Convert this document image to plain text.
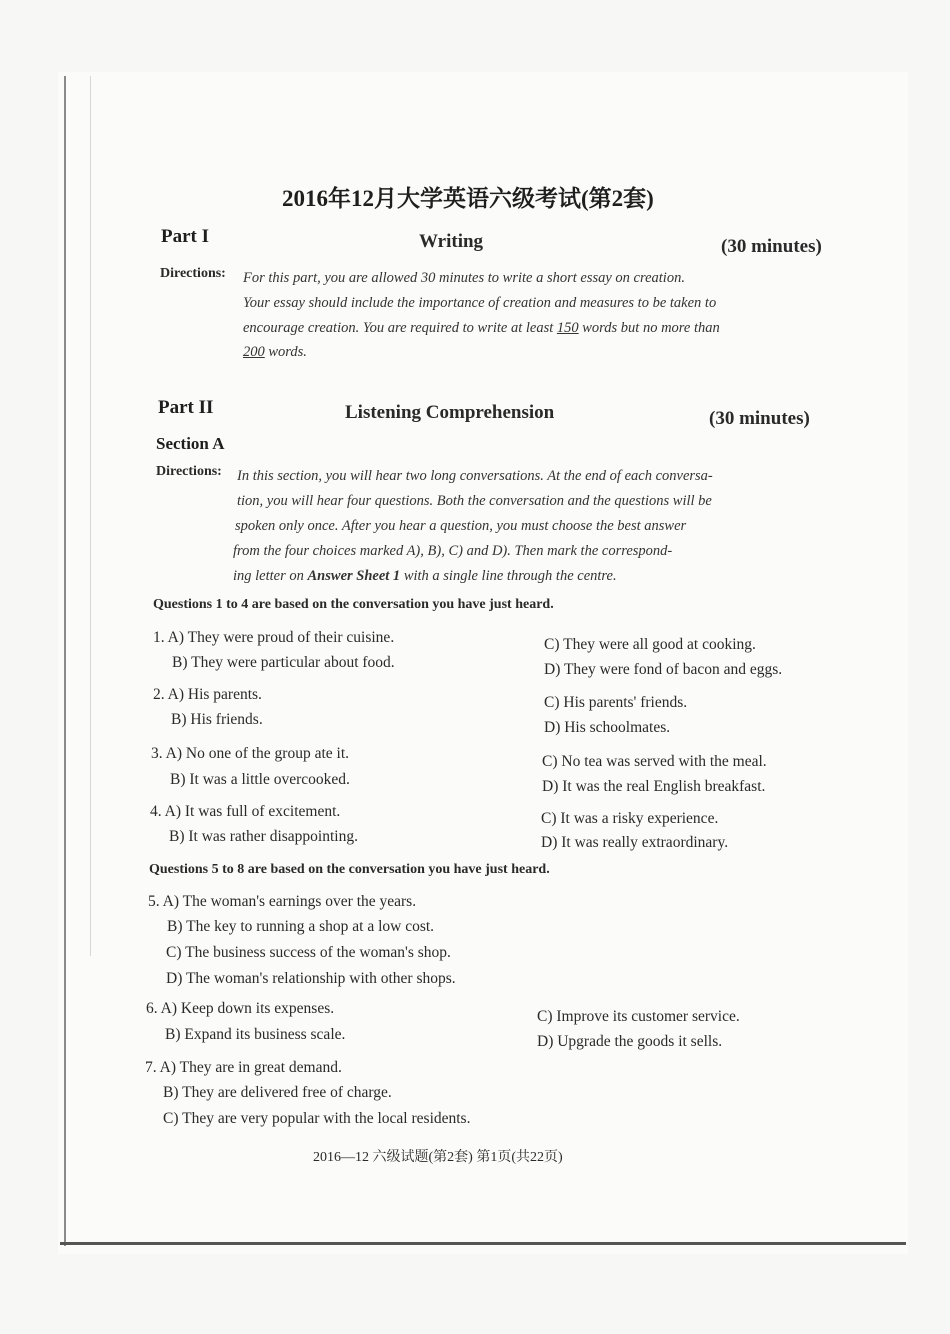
2016年12月大学英语六级考试(第2套)
Part I	Writing	(30 minutes)
Directions: For this part, you are allowed 30 minutes to write a short essay on creation.
Your essay should include the importance of creation and measures to be taken to
encourage creation. You are required to write at least 150 words but no more than
200 words.
Part II	Listening Comprehension	(30 minutes)
Section A
Directions: In this section, you will hear two long conversations. At the end of each conversa-
tion, you will hear four questions. Both the conversation and the questions will be
spoken only once. After you hear a question, you must choose the best answer
from the four choices marked A), B), C) and D). Then mark the correspond-
ing letter on Answer Sheet 1 with a single line through the centre.
Questions 1 to 4 are based on the conversation you have just heard.
1. A) They were proud of their cuisine.
B) They were particular about food.
C) They were all good at cooking.
D) They were fond of bacon and eggs.
2. A) His parents.
B) His friends.
C) His parents' friends.
D) His schoolmates.
3. A) No one of the group ate it.
B) It was a little overcooked.
C) No tea was served with the meal.
D) It was the real English breakfast.
4. A) It was full of excitement.
B) It was rather disappointing.
C) It was a risky experience.
D) It was really extraordinary.
Questions 5 to 8 are based on the conversation you have just heard.
5. A) The woman's earnings over the years.
B) The key to running a shop at a low cost.
C) The business success of the woman's shop.
D) The woman's relationship with other shops.
6. A) Keep down its expenses.
B) Expand its business scale.
C) Improve its customer service.
D) Upgrade the goods it sells.
7. A) They are in great demand.
B) They are delivered free of charge.
C) They are very popular with the local residents.
2016—12 六级试题(第2套) 第1页(共22页)
